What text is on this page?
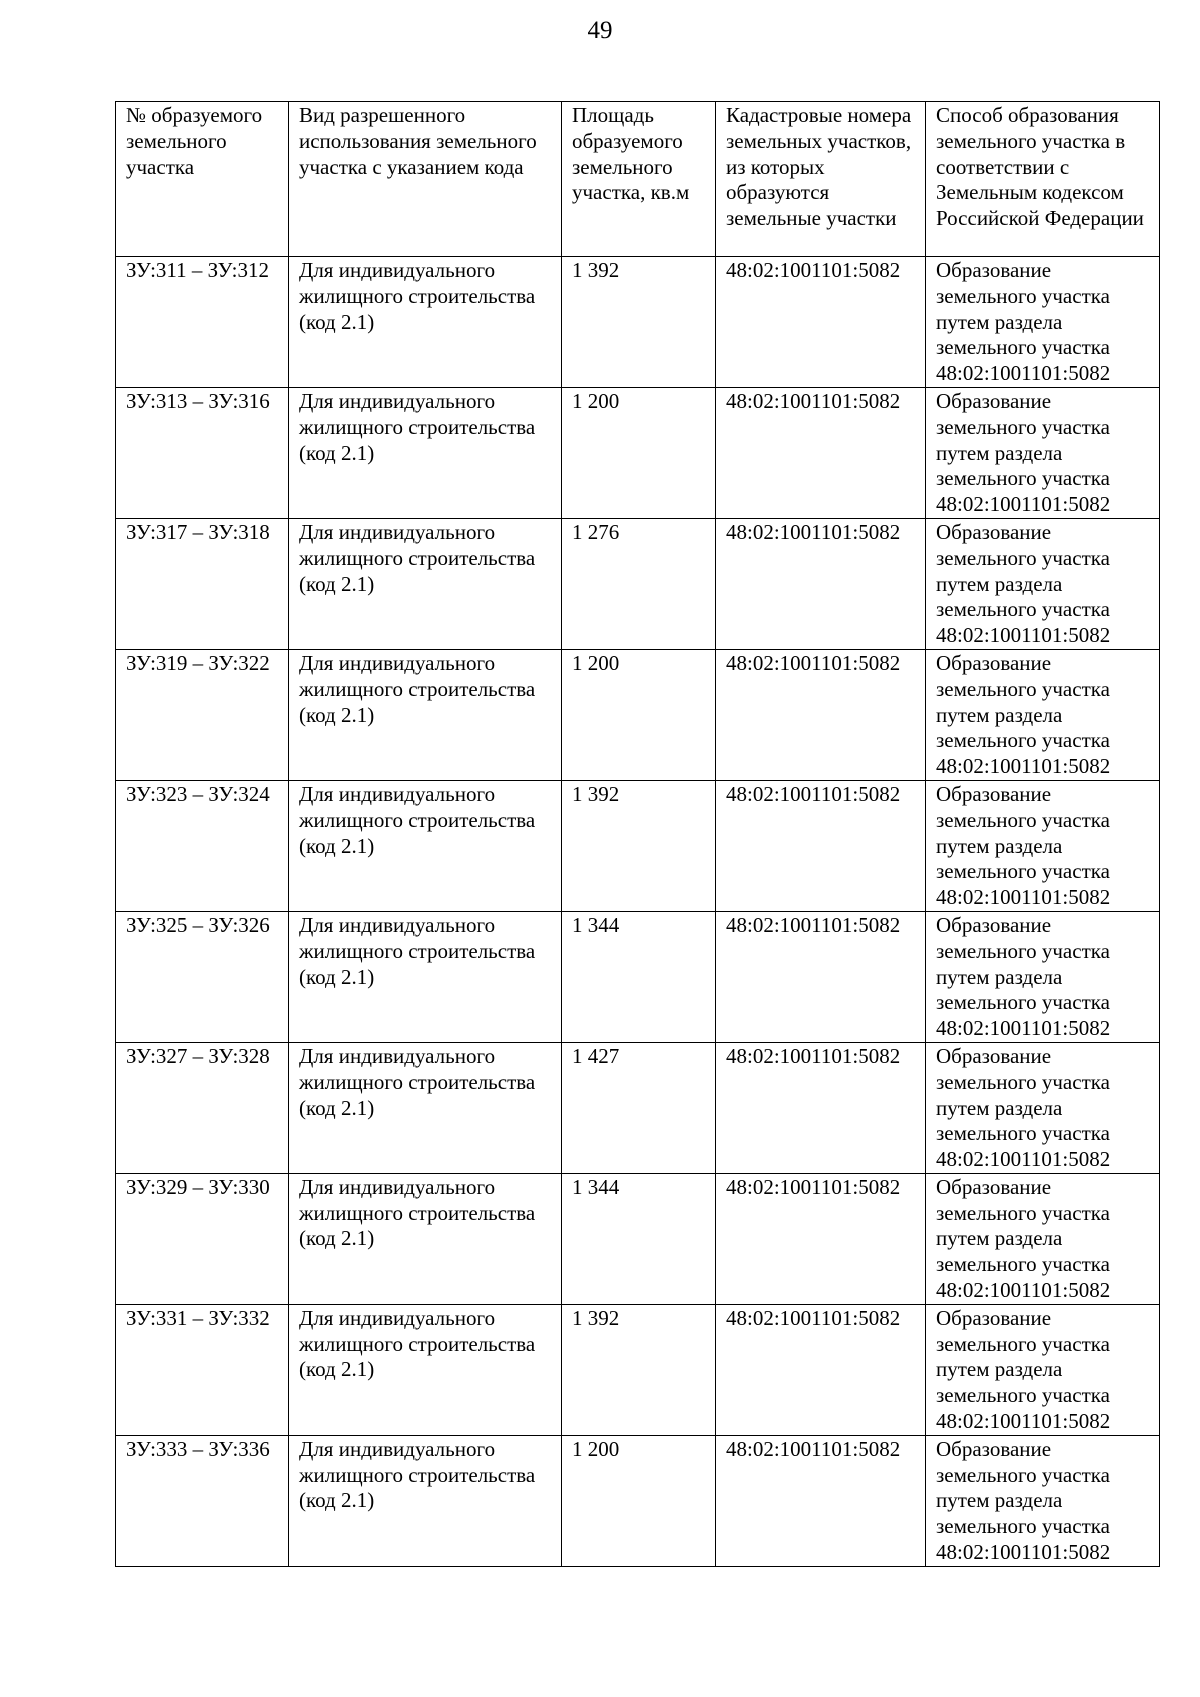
49
№ образуемого земельного участка	Вид разрешенного использования земельного участка с указанием кода	Площадь образуемого земельного участка, кв.м	Кадастровые номера земельных участков, из которых образуются земельные участки	Способ образования земельного участка в соответствии с Земельным кодексом Российской Федерации
ЗУ:311 – ЗУ:312	Для индивидуального жилищного строительства (код 2.1)	1 392	48:02:1001101:5082	Образование земельного участка путем раздела земельного участка 48:02:1001101:5082
ЗУ:313 – ЗУ:316	Для индивидуального жилищного строительства (код 2.1)	1 200	48:02:1001101:5082	Образование земельного участка путем раздела земельного участка 48:02:1001101:5082
ЗУ:317 – ЗУ:318	Для индивидуального жилищного строительства (код 2.1)	1 276	48:02:1001101:5082	Образование земельного участка путем раздела земельного участка 48:02:1001101:5082
ЗУ:319 – ЗУ:322	Для индивидуального жилищного строительства (код 2.1)	1 200	48:02:1001101:5082	Образование земельного участка путем раздела земельного участка 48:02:1001101:5082
ЗУ:323 – ЗУ:324	Для индивидуального жилищного строительства (код 2.1)	1 392	48:02:1001101:5082	Образование земельного участка путем раздела земельного участка 48:02:1001101:5082
ЗУ:325 – ЗУ:326	Для индивидуального жилищного строительства (код 2.1)	1 344	48:02:1001101:5082	Образование земельного участка путем раздела земельного участка 48:02:1001101:5082
ЗУ:327 – ЗУ:328	Для индивидуального жилищного строительства (код 2.1)	1 427	48:02:1001101:5082	Образование земельного участка путем раздела земельного участка 48:02:1001101:5082
ЗУ:329 – ЗУ:330	Для индивидуального жилищного строительства (код 2.1)	1 344	48:02:1001101:5082	Образование земельного участка путем раздела земельного участка 48:02:1001101:5082
ЗУ:331 – ЗУ:332	Для индивидуального жилищного строительства (код 2.1)	1 392	48:02:1001101:5082	Образование земельного участка путем раздела земельного участка 48:02:1001101:5082
ЗУ:333 – ЗУ:336	Для индивидуального жилищного строительства (код 2.1)	1 200	48:02:1001101:5082	Образование земельного участка путем раздела земельного участка 48:02:1001101:5082
